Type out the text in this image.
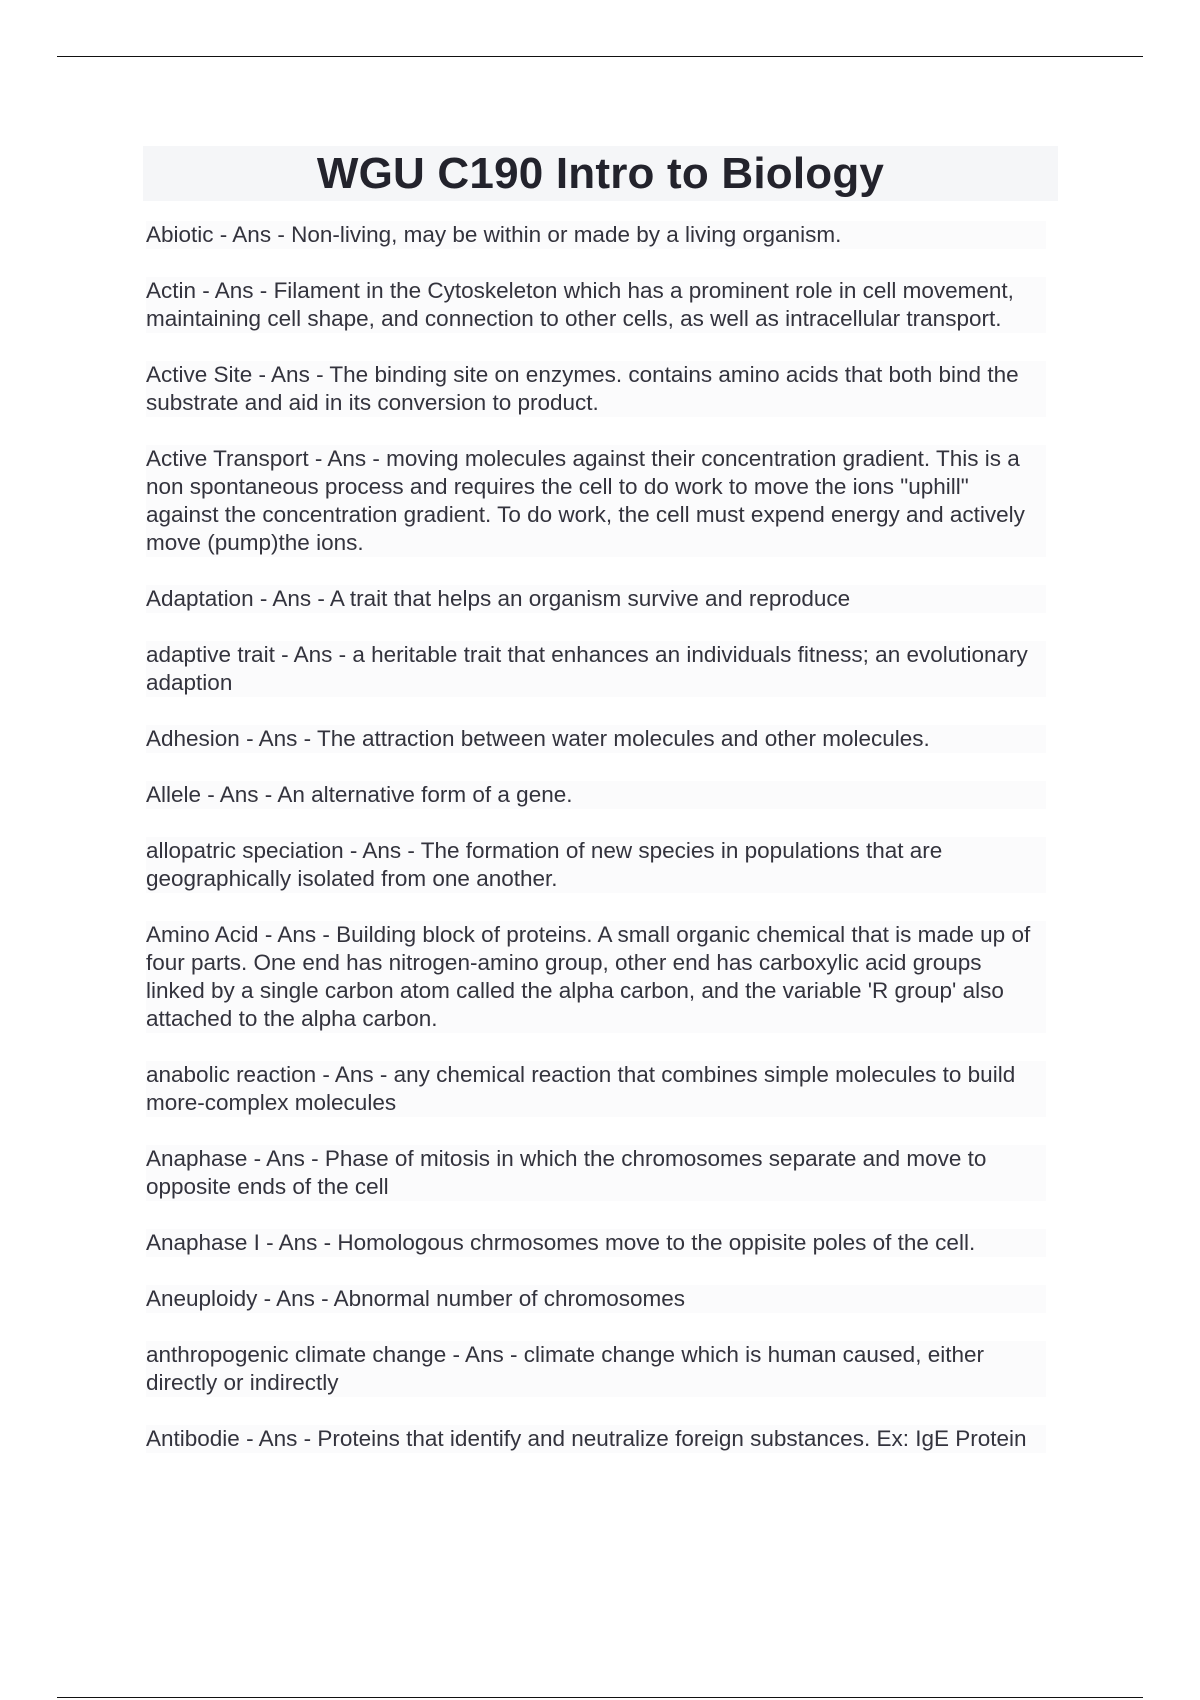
WGU C190 Intro to Biology

Abiotic - Ans - Non-living, may be within or made by a living organism.

Actin - Ans - Filament in the Cytoskeleton which has a prominent role in cell movement, maintaining cell shape, and connection to other cells, as well as intracellular transport.

Active Site - Ans - The binding site on enzymes. contains amino acids that both bind the substrate and aid in its conversion to product.

Active Transport - Ans - moving molecules against their concentration gradient. This is a non spontaneous process and requires the cell to do work to move the ions "uphill" against the concentration gradient. To do work, the cell must expend energy and actively move (pump)the ions.

Adaptation - Ans - A trait that helps an organism survive and reproduce

adaptive trait - Ans - a heritable trait that enhances an individuals fitness; an evolutionary adaption

Adhesion - Ans - The attraction between water molecules and other molecules.

Allele - Ans - An alternative form of a gene.

allopatric speciation - Ans - The formation of new species in populations that are geographically isolated from one another.

Amino Acid - Ans - Building block of proteins. A small organic chemical that is made up of four parts. One end has nitrogen-amino group, other end has carboxylic acid groups linked by a single carbon atom called the alpha carbon, and the variable 'R group' also attached to the alpha carbon.

anabolic reaction - Ans - any chemical reaction that combines simple molecules to build more-complex molecules

Anaphase - Ans - Phase of mitosis in which the chromosomes separate and move to opposite ends of the cell

Anaphase I - Ans - Homologous chrmosomes move to the oppisite poles of the cell.

Aneuploidy - Ans - Abnormal number of chromosomes

anthropogenic climate change - Ans - climate change which is human caused, either directly or indirectly

Antibodie - Ans - Proteins that identify and neutralize foreign substances. Ex: IgE Protein
